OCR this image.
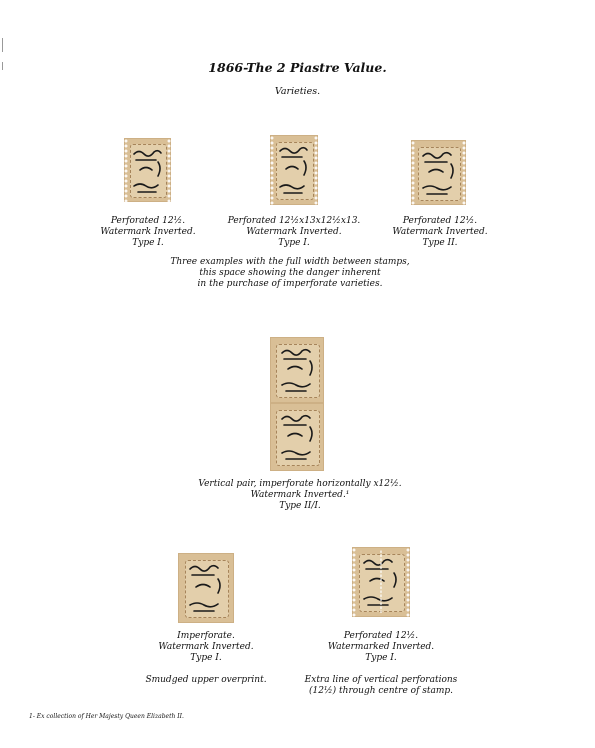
1866-The 2 Piastre Value.
Varieties.
Perforated 12½.
Watermark Inverted.
Type I.
Perforated 12½x13x12½x13.
Watermark Inverted.
Type I.
Perforated 12½.
Watermark Inverted.
Type II.
Three examples with the full width between stamps,
this space showing the danger inherent
in the purchase of imperforate varieties.
Vertical pair, imperforate horizontally x12½.
Watermark Inverted.¹
Type II/I.
Imperforate.
Watermark Inverted.
Type I.
Smudged upper overprint.
Perforated 12½.
Watermarked Inverted.
Type I.
Extra line of vertical perforations
(12½) through centre of stamp.
1- Ex collection of Her Majesty Queen Elizabeth II.
